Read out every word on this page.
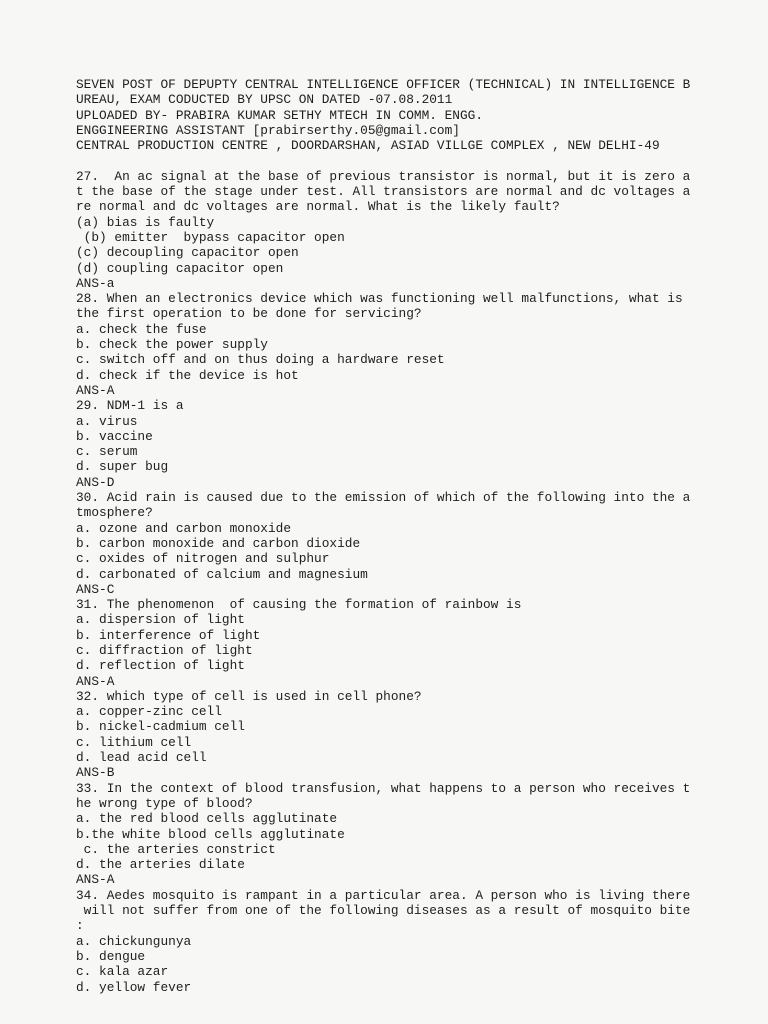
SEVEN POST OF DEPUPTY CENTRAL INTELLIGENCE OFFICER (TECHNICAL) IN INTELLIGENCE B
UREAU, EXAM CODUCTED BY UPSC ON DATED -07.08.2011
UPLOADED BY- PRABIRA KUMAR SETHY MTECH IN COMM. ENGG.
ENGGINEERING ASSISTANT [prabirserthy.05@gmail.com]
CENTRAL PRODUCTION CENTRE , DOORDARSHAN, ASIAD VILLGE COMPLEX , NEW DELHI-49
27.  An ac signal at the base of previous transistor is normal, but it is zero a
t the base of the stage under test. All transistors are normal and dc voltages a
re normal and dc voltages are normal. What is the likely fault?
(a) bias is faulty
(b) emitter  bypass capacitor open
(c) decoupling capacitor open
(d) coupling capacitor open
ANS-a
28. When an electronics device which was functioning well malfunctions, what is
the first operation to be done for servicing?
a. check the fuse
b. check the power supply
c. switch off and on thus doing a hardware reset
d. check if the device is hot
ANS-A
29. NDM-1 is a
a. virus
b. vaccine
c. serum
d. super bug
ANS-D
30. Acid rain is caused due to the emission of which of the following into the a
tmosphere?
a. ozone and carbon monoxide
b. carbon monoxide and carbon dioxide
c. oxides of nitrogen and sulphur
d. carbonated of calcium and magnesium
ANS-C
31. The phenomenon  of causing the formation of rainbow is
a. dispersion of light
b. interference of light
c. diffraction of light
d. reflection of light
ANS-A
32. which type of cell is used in cell phone?
a. copper-zinc cell
b. nickel-cadmium cell
c. lithium cell
d. lead acid cell
ANS-B
33. In the context of blood transfusion, what happens to a person who receives t
he wrong type of blood?
a. the red blood cells agglutinate
b.the white blood cells agglutinate
c. the arteries constrict
d. the arteries dilate
ANS-A
34. Aedes mosquito is rampant in a particular area. A person who is living there
will not suffer from one of the following diseases as a result of mosquito bite
:
a. chickungunya
b. dengue
c. kala azar
d. yellow fever
